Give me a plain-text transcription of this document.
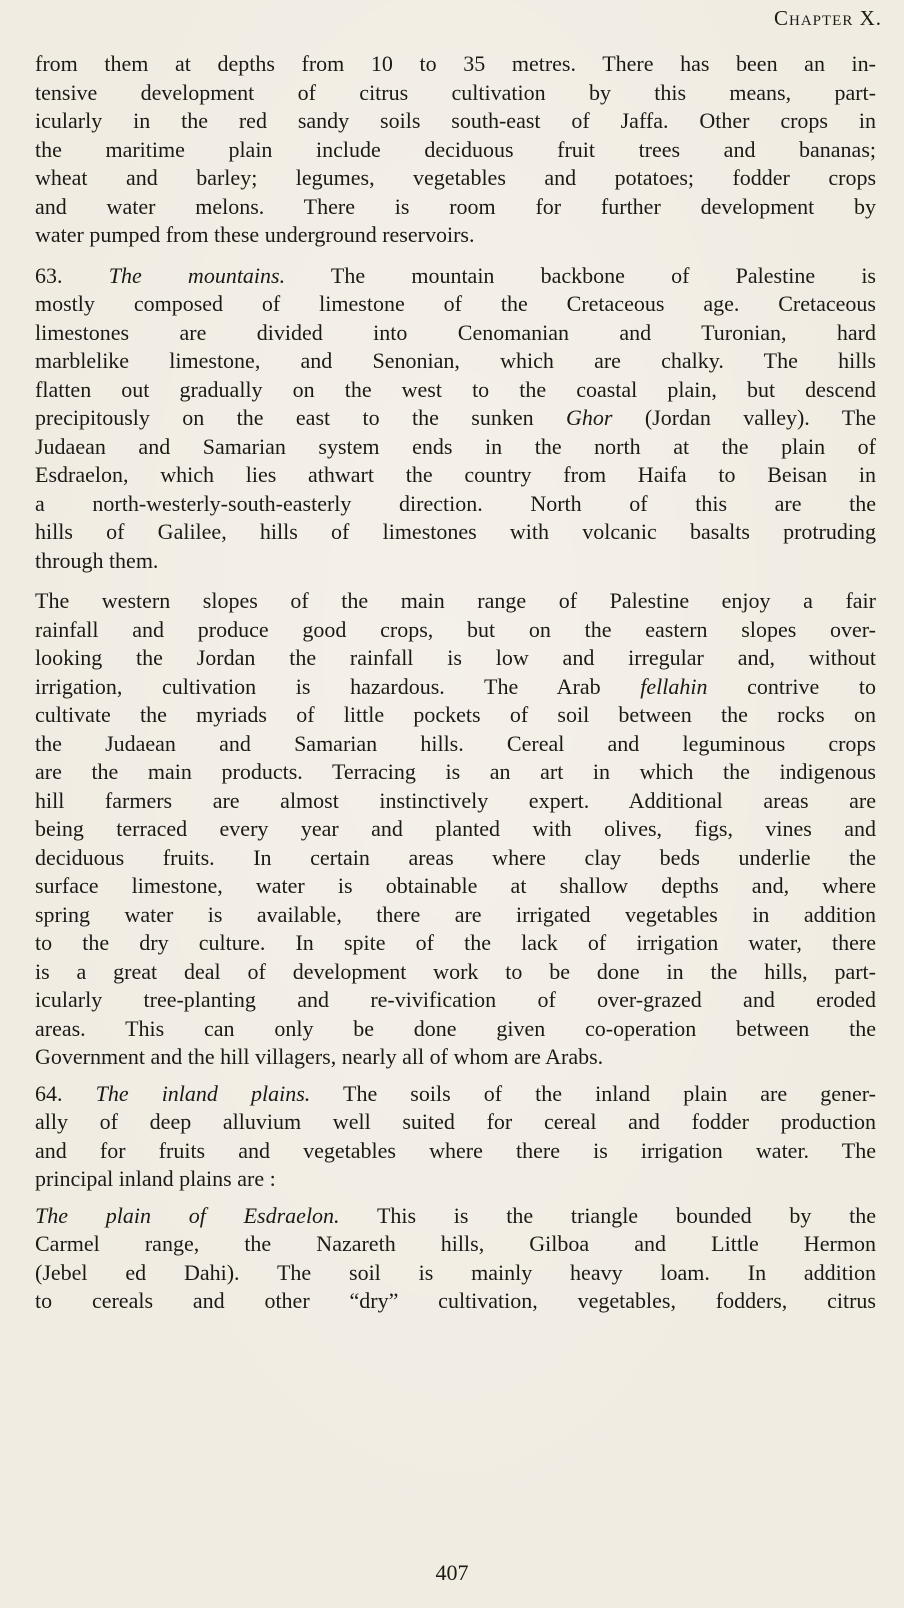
Chapter X.
from them at depths from 10 to 35 metres. There has been an in-
tensive development of citrus cultivation by this means, part-
icularly in the red sandy soils south-east of Jaffa. Other crops in
the maritime plain include deciduous fruit trees and bananas;
wheat and barley; legumes, vegetables and potatoes; fodder crops
and water melons. There is room for further development by
water pumped from these underground reservoirs.
63. The mountains. The mountain backbone of Palestine is
mostly composed of limestone of the Cretaceous age. Cretaceous
limestones are divided into Cenomanian and Turonian, hard
marblelike limestone, and Senonian, which are chalky. The hills
flatten out gradually on the west to the coastal plain, but descend
precipitously on the east to the sunken Ghor (Jordan valley). The
Judaean and Samarian system ends in the north at the plain of
Esdraelon, which lies athwart the country from Haifa to Beisan in
a north-westerly-south-easterly direction. North of this are the
hills of Galilee, hills of limestones with volcanic basalts protruding
through them.
The western slopes of the main range of Palestine enjoy a fair
rainfall and produce good crops, but on the eastern slopes over-
looking the Jordan the rainfall is low and irregular and, without
irrigation, cultivation is hazardous. The Arab fellahin contrive to
cultivate the myriads of little pockets of soil between the rocks on
the Judaean and Samarian hills. Cereal and leguminous crops
are the main products. Terracing is an art in which the indigenous
hill farmers are almost instinctively expert. Additional areas are
being terraced every year and planted with olives, figs, vines and
deciduous fruits. In certain areas where clay beds underlie the
surface limestone, water is obtainable at shallow depths and, where
spring water is available, there are irrigated vegetables in addition
to the dry culture. In spite of the lack of irrigation water, there
is a great deal of development work to be done in the hills, part-
icularly tree-planting and re-vivification of over-grazed and eroded
areas. This can only be done given co-operation between the
Government and the hill villagers, nearly all of whom are Arabs.
64. The inland plains. The soils of the inland plain are gener-
ally of deep alluvium well suited for cereal and fodder production
and for fruits and vegetables where there is irrigation water. The
principal inland plains are :
The plain of Esdraelon. This is the triangle bounded by the
Carmel range, the Nazareth hills, Gilboa and Little Hermon
(Jebel ed Dahi). The soil is mainly heavy loam. In addition
to cereals and other “dry” cultivation, vegetables, fodders, citrus
407
